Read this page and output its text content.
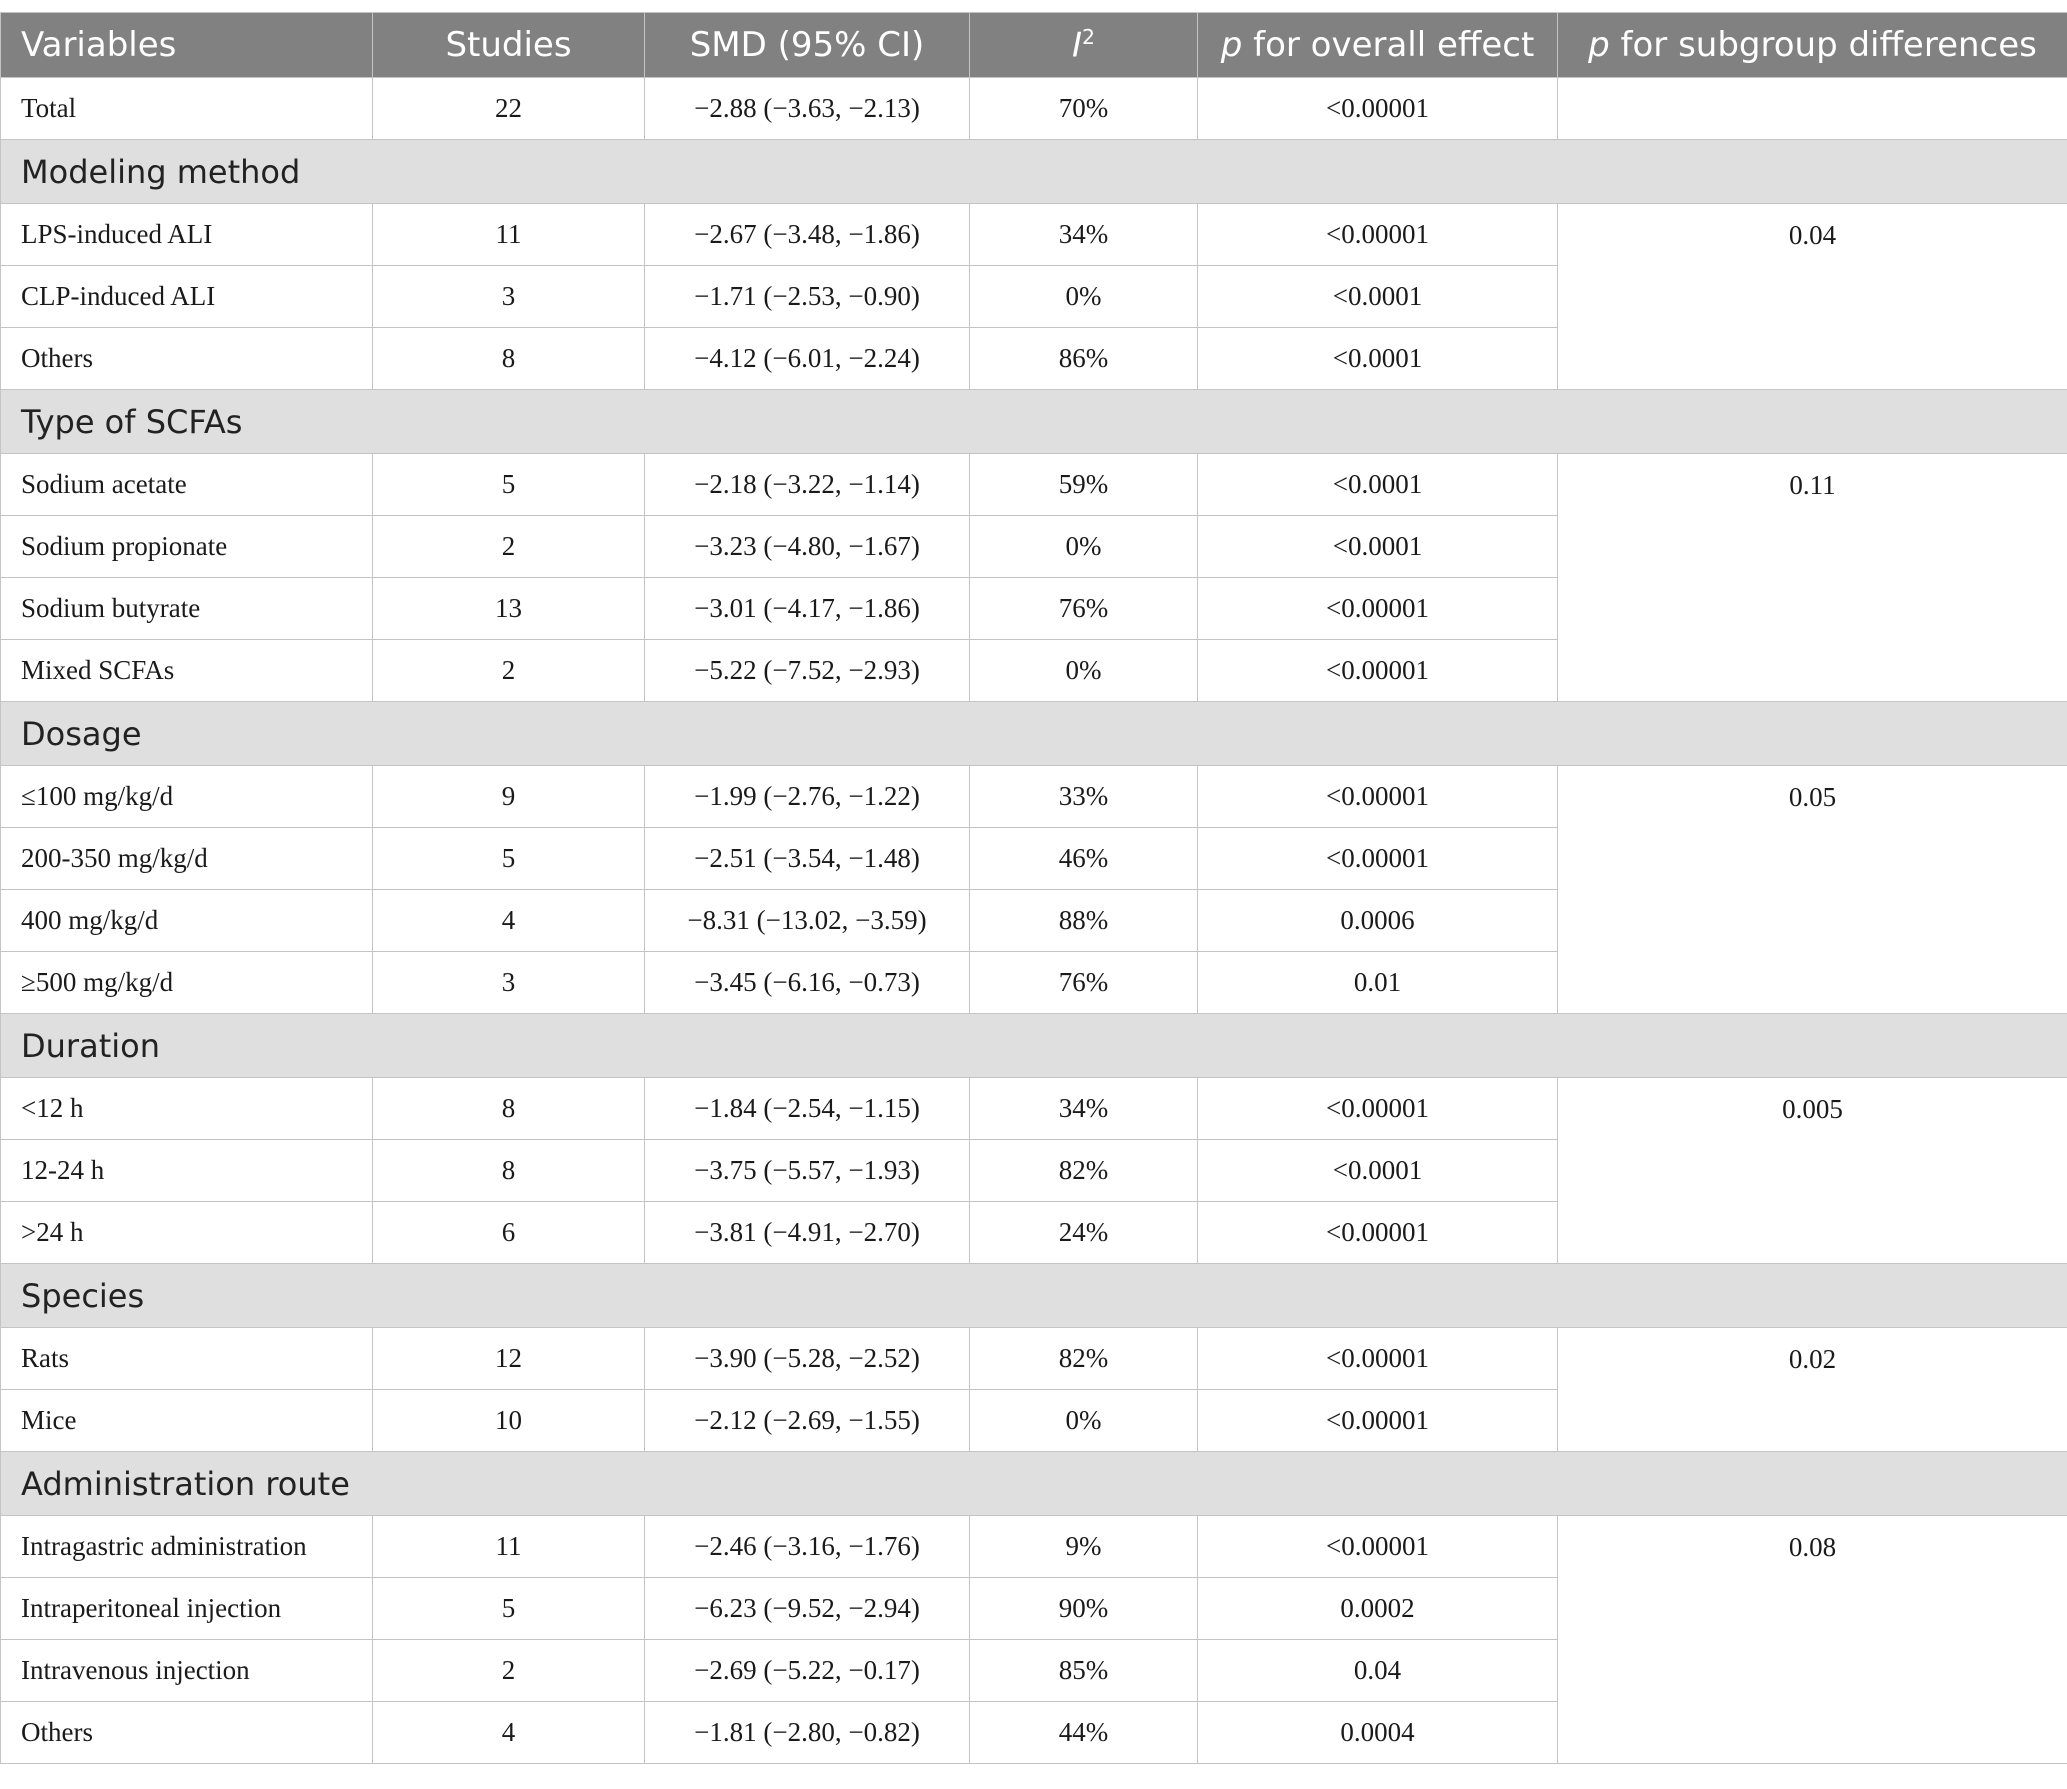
Variables	Studies	SMD (95% CI)	$I^2$	p for overall effect	p for subgroup differences
Total	22	−2.88 (−3.63, −2.13)	70%	<0.00001	
Modeling method					
LPS-induced ALI	11	−2.67 (−3.48, −1.86)	34%	<0.00001	0.04
CLP-induced ALI	3	−1.71 (−2.53, −0.90)	0%	<0.0001	
Others	8	−4.12 (−6.01, −2.24)	86%	<0.0001	
Type of SCFAs					
Sodium acetate	5	−2.18 (−3.22, −1.14)	59%	<0.0001	0.11
Sodium propionate	2	−3.23 (−4.80, −1.67)	0%	<0.0001	
Sodium butyrate	13	−3.01 (−4.17, −1.86)	76%	<0.00001	
Mixed SCFAs	2	−5.22 (−7.52, −2.93)	0%	<0.00001	
Dosage					
≤100 mg/kg/d	9	−1.99 (−2.76, −1.22)	33%	<0.00001	0.05
200-350 mg/kg/d	5	−2.51 (−3.54, −1.48)	46%	<0.00001	
400 mg/kg/d	4	−8.31 (−13.02, −3.59)	88%	0.0006	
≥500 mg/kg/d	3	−3.45 (−6.16, −0.73)	76%	0.01	
Duration					
<12 h	8	−1.84 (−2.54, −1.15)	34%	<0.00001	0.005
12-24 h	8	−3.75 (−5.57, −1.93)	82%	<0.0001	
>24 h	6	−3.81 (−4.91, −2.70)	24%	<0.00001	
Species					
Rats	12	−3.90 (−5.28, −2.52)	82%	<0.00001	0.02
Mice	10	−2.12 (−2.69, −1.55)	0%	<0.00001	
Administration route					
Intragastric administration	11	−2.46 (−3.16, −1.76)	9%	<0.00001	0.08
Intraperitoneal injection	5	−6.23 (−9.52, −2.94)	90%	0.0002	
Intravenous injection	2	−2.69 (−5.22, −0.17)	85%	0.04	
Others	4	−1.81 (−2.80, −0.82)	44%	0.0004	
